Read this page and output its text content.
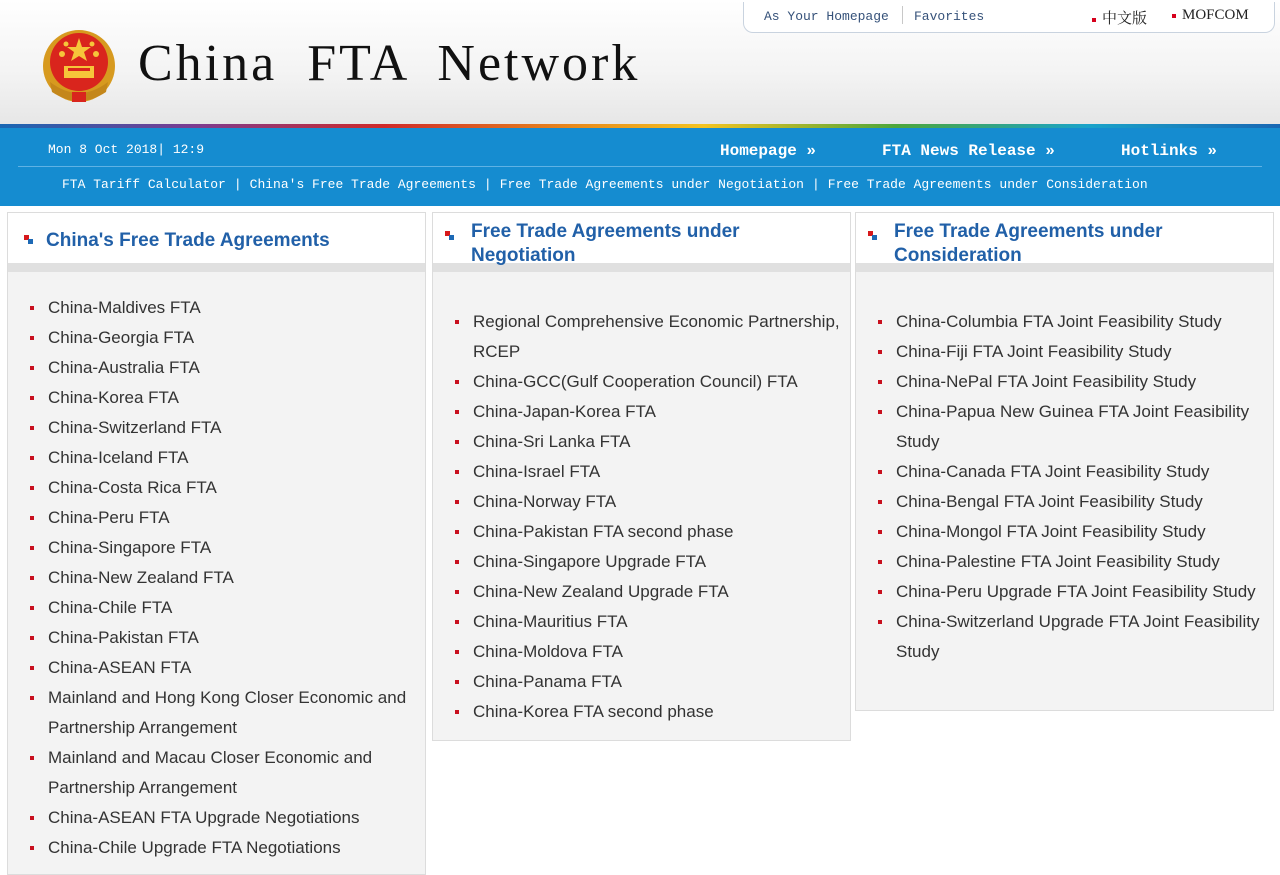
China FTA Network
As Your Homepage Favorites	中文版	MOFCOM
Mon 8 Oct 2018| 12:9	Homepage »	FTA News Release »	Hotlinks »
FTA Tariff Calculator | China's Free Trade Agreements | Free Trade Agreements under Negotiation | Free Trade Agreements under Consideration
China's Free Trade Agreements
China-Maldives FTA
China-Georgia FTA
China-Australia FTA
China-Korea FTA
China-Switzerland FTA
China-Iceland FTA
China-Costa Rica FTA
China-Peru FTA
China-Singapore FTA
China-New Zealand FTA
China-Chile FTA
China-Pakistan FTA
China-ASEAN FTA
Mainland and Hong Kong Closer Economic and Partnership Arrangement
Mainland and Macau Closer Economic and Partnership Arrangement
China-ASEAN FTA Upgrade Negotiations
China-Chile Upgrade FTA Negotiations
Free Trade Agreements under Negotiation
Regional Comprehensive Economic Partnership, RCEP
China-GCC(Gulf Cooperation Council) FTA
China-Japan-Korea FTA
China-Sri Lanka FTA
China-Israel FTA
China-Norway FTA
China-Pakistan FTA second phase
China-Singapore Upgrade FTA
China-New Zealand Upgrade FTA
China-Mauritius FTA
China-Moldova FTA
China-Panama FTA
China-Korea FTA second phase
Free Trade Agreements under Consideration
China-Columbia FTA Joint Feasibility Study
China-Fiji FTA Joint Feasibility Study
China-NePal FTA Joint Feasibility Study
China-Papua New Guinea FTA Joint Feasibility Study
China-Canada FTA Joint Feasibility Study
China-Bengal FTA Joint Feasibility Study
China-Mongol FTA Joint Feasibility Study
China-Palestine FTA Joint Feasibility Study
China-Peru Upgrade FTA Joint Feasibility Study
China-Switzerland Upgrade FTA Joint Feasibility Study
